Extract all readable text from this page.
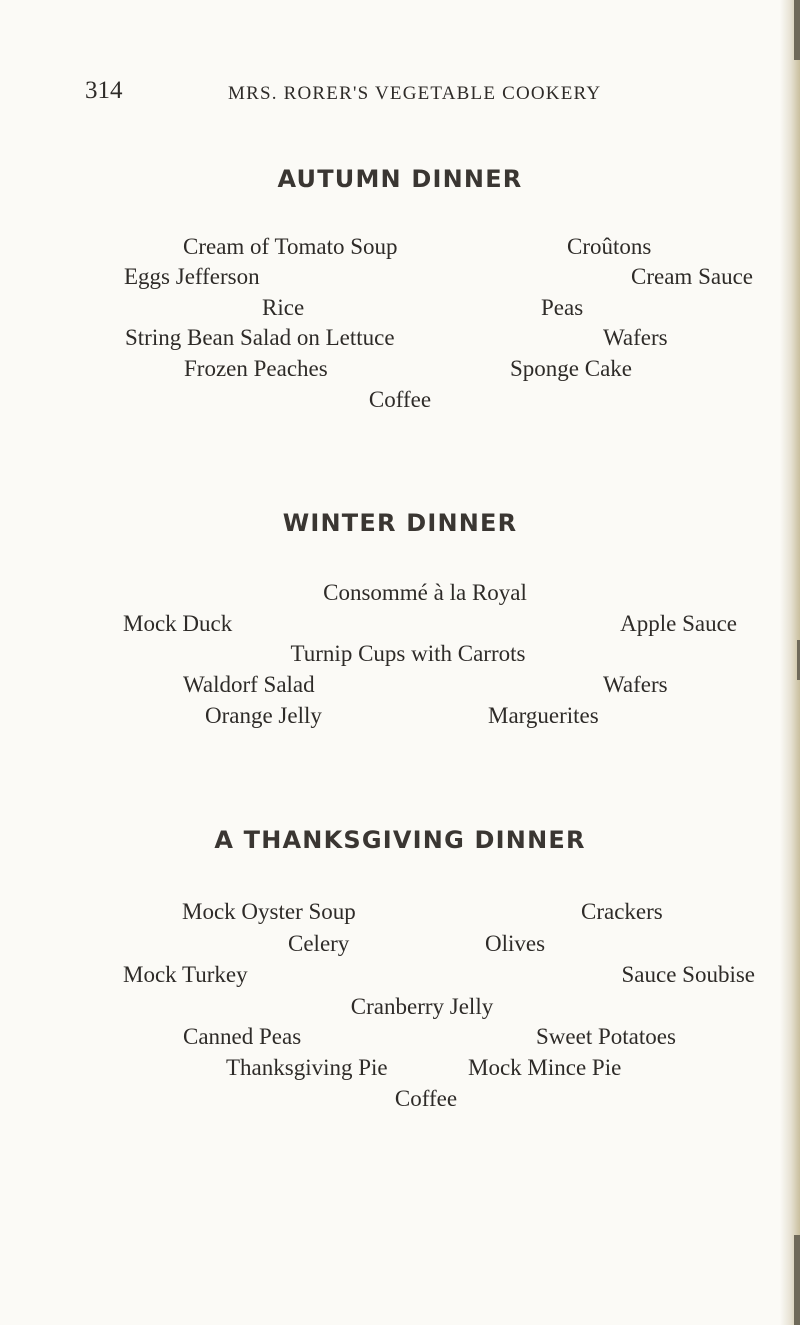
314	MRS. RORER'S VEGETABLE COOKERY
AUTUMN DINNER
Cream of Tomato Soup	Croûtons
Eggs Jefferson	Cream Sauce
Rice	Peas
String Bean Salad on Lettuce	Wafers
Frozen Peaches	Sponge Cake
Coffee
WINTER DINNER
Consommé à la Royal
Mock Duck	Apple Sauce
Turnip Cups with Carrots
Waldorf Salad	Wafers
Orange Jelly	Marguerites
A THANKSGIVING DINNER
Mock Oyster Soup	Crackers
Celery	Olives
Mock Turkey	Sauce Soubise
Cranberry Jelly
Canned Peas	Sweet Potatoes
Thanksgiving Pie	Mock Mince Pie
Coffee
